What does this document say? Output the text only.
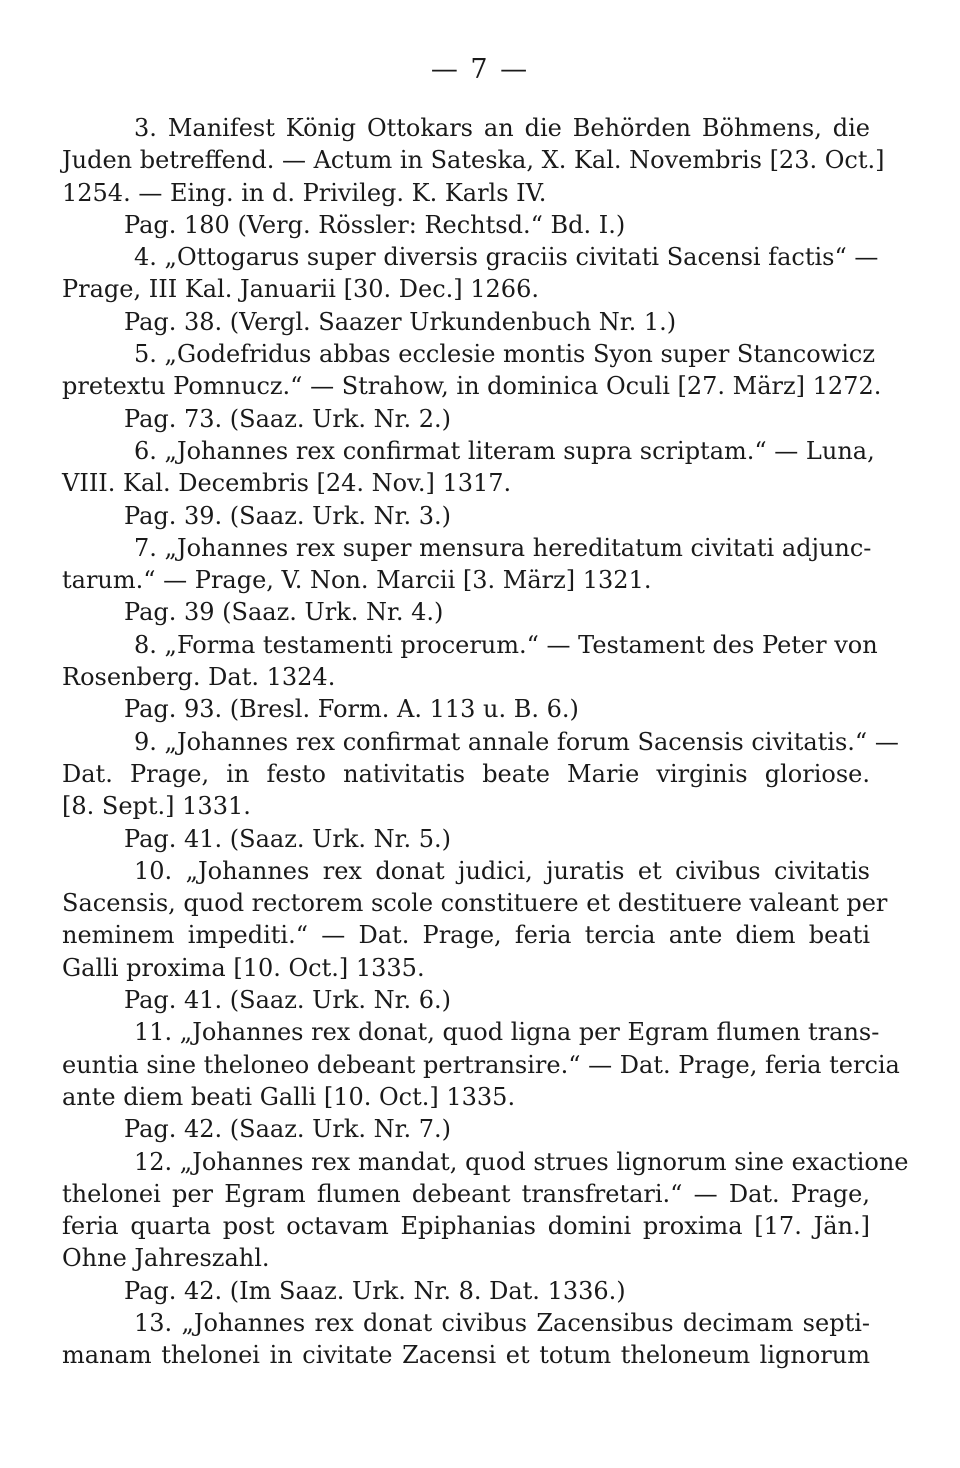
— 7 —
3. Manifest König Ottokars an die Behörden Böhmens, die
Juden betreffend. — Actum in Sateska, X. Kal. Novembris [23. Oct.]
1254. — Eing. in d. Privileg. K. Karls IV.
Pag. 180 (Verg. Rössler: Rechtsd.“ Bd. I.)
4. „Ottogarus super diversis graciis civitati Sacensi factis“ —
Prage, III Kal. Januarii [30. Dec.] 1266.
Pag. 38. (Vergl. Saazer Urkundenbuch Nr. 1.)
5. „Godefridus abbas ecclesie montis Syon super Stancowicz
pretextu Pomnucz.“ — Strahow, in dominica Oculi [27. März] 1272.
Pag. 73. (Saaz. Urk. Nr. 2.)
6. „Johannes rex confirmat literam supra scriptam.“ — Luna,
VIII. Kal. Decembris [24. Nov.] 1317.
Pag. 39. (Saaz. Urk. Nr. 3.)
7. „Johannes rex super mensura hereditatum civitati adjunc-
tarum.“ — Prage, V. Non. Marcii [3. März] 1321.
Pag. 39 (Saaz. Urk. Nr. 4.)
8. „Forma testamenti procerum.“ — Testament des Peter von
Rosenberg. Dat. 1324.
Pag. 93. (Bresl. Form. A. 113 u. B. 6.)
9. „Johannes rex confirmat annale forum Sacensis civitatis.“ —
Dat. Prage, in festo nativitatis beate Marie virginis gloriose.
[8. Sept.] 1331.
Pag. 41. (Saaz. Urk. Nr. 5.)
10. „Johannes rex donat judici, juratis et civibus civitatis
Sacensis, quod rectorem scole constituere et destituere valeant per
neminem impediti.“ — Dat. Prage, feria tercia ante diem beati
Galli proxima [10. Oct.] 1335.
Pag. 41. (Saaz. Urk. Nr. 6.)
11. „Johannes rex donat, quod ligna per Egram flumen trans-
euntia sine theloneo debeant pertransire.“ — Dat. Prage, feria tercia
ante diem beati Galli [10. Oct.] 1335.
Pag. 42. (Saaz. Urk. Nr. 7.)
12. „Johannes rex mandat, quod strues lignorum sine exactione
thelonei per Egram flumen debeant transfretari.“ — Dat. Prage,
feria quarta post octavam Epiphanias domini proxima [17. Jän.]
Ohne Jahreszahl.
Pag. 42. (Im Saaz. Urk. Nr. 8. Dat. 1336.)
13. „Johannes rex donat civibus Zacensibus decimam septi-
manam thelonei in civitate Zacensi et totum theloneum lignorum
